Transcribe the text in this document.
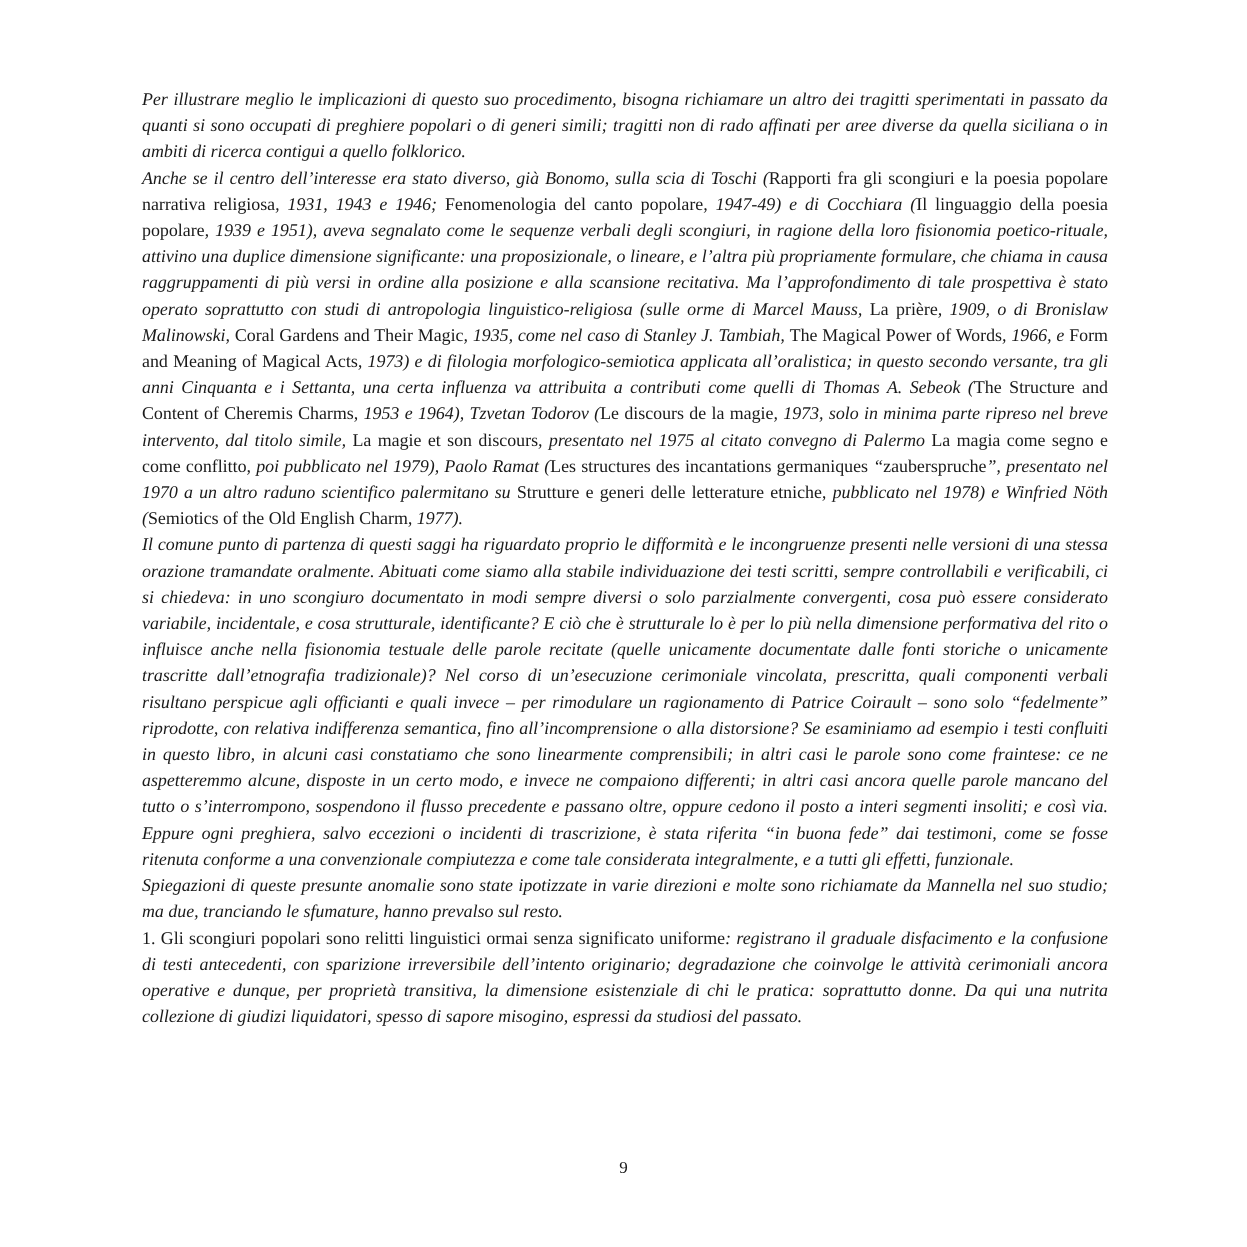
Per illustrare meglio le implicazioni di questo suo procedimento, bisogna richiamare un altro dei tragitti sperimentati in passato da quanti si sono occupati di preghiere popolari o di generi simili; tragitti non di rado affinati per aree diverse da quella siciliana o in ambiti di ricerca contigui a quello folklorico.

Anche se il centro dell’interesse era stato diverso, già Bonomo, sulla scia di Toschi (Rapporti fra gli scongiuri e la poesia popolare narrativa religiosa, 1931, 1943 e 1946; Fenomenologia del canto popolare, 1947-49) e di Cocchiara (Il linguaggio della poesia popolare, 1939 e 1951), aveva segnalato come le sequenze verbali degli scongiuri, in ragione della loro fisionomia poetico-rituale, attivino una duplice dimensione significante: una proposizionale, o lineare, e l’altra più propriamente formulare, che chiama in causa raggruppamenti di più versi in ordine alla posizione e alla scansione recitativa. Ma l’approfondimento di tale prospettiva è stato operato soprattutto con studi di antropologia linguistico-religiosa (sulle orme di Marcel Mauss, La prière, 1909, o di Bronislaw Malinowski, Coral Gardens and Their Magic, 1935, come nel caso di Stanley J. Tambiah, The Magical Power of Words, 1966, e Form and Meaning of Magical Acts, 1973) e di filologia morfologico-semiotica applicata all’oralistica; in questo secondo versante, tra gli anni Cinquanta e i Settanta, una certa influenza va attribuita a contributi come quelli di Thomas A. Sebeok (The Structure and Content of Cheremis Charms, 1953 e 1964), Tzvetan Todorov (Le discours de la magie, 1973, solo in minima parte ripreso nel breve intervento, dal titolo simile, La magie et son discours, presentato nel 1975 al citato convegno di Palermo La magia come segno e come conflitto, poi pubblicato nel 1979), Paolo Ramat (Les structures des incantations germaniques “zauberspruche”, presentato nel 1970 a un altro raduno scientifico palermitano su Strutture e generi delle letterature etniche, pubblicato nel 1978) e Winfried Nöth (Semiotics of the Old English Charm, 1977).

Il comune punto di partenza di questi saggi ha riguardato proprio le difformità e le incongruenze presenti nelle versioni di una stessa orazione tramandate oralmente. Abituati come siamo alla stabile individuazione dei testi scritti, sempre controllabili e verificabili, ci si chiedeva: in uno scongiuro documentato in modi sempre diversi o solo parzialmente convergenti, cosa può essere considerato variabile, incidentale, e cosa strutturale, identificante? E ciò che è strutturale lo è per lo più nella dimensione performativa del rito o influisce anche nella fisionomia testuale delle parole recitate (quelle unicamente documentate dalle fonti storiche o unicamente trascritte dall’etnografia tradizionale)? Nel corso di un’esecuzione cerimoniale vincolata, prescritta, quali componenti verbali risultano perspicue agli officianti e quali invece – per rimodulare un ragionamento di Patrice Coirault – sono solo “fedelmente” riprodotte, con relativa indifferenza semantica, fino all’incomprensione o alla distorsione? Se esaminiamo ad esempio i testi confluiti in questo libro, in alcuni casi constatiamo che sono linearmente comprensibili; in altri casi le parole sono come fraintese: ce ne aspetteremmo alcune, disposte in un certo modo, e invece ne compaiono differenti; in altri casi ancora quelle parole mancano del tutto o s’interrompono, sospendono il flusso precedente e passano oltre, oppure cedono il posto a interi segmenti insoliti; e così via. Eppure ogni preghiera, salvo eccezioni o incidenti di trascrizione, è stata riferita “in buona fede” dai testimoni, come se fosse ritenuta conforme a una convenzionale compiutezza e come tale considerata integralmente, e a tutti gli effetti, funzionale.

Spiegazioni di queste presunte anomalie sono state ipotizzate in varie direzioni e molte sono richiamate da Mannella nel suo studio; ma due, tranciando le sfumature, hanno prevalso sul resto.

1. Gli scongiuri popolari sono relitti linguistici ormai senza significato uniforme: registrano il graduale disfacimento e la confusione di testi antecedenti, con sparizione irreversibile dell’intento originario; degradazione che coinvolge le attività cerimoniali ancora operative e dunque, per proprietà transitiva, la dimensione esistenziale di chi le pratica: soprattutto donne. Da qui una nutrita collezione di giudizi liquidatori, spesso di sapore misogino, espressi da studiosi del passato.

9
